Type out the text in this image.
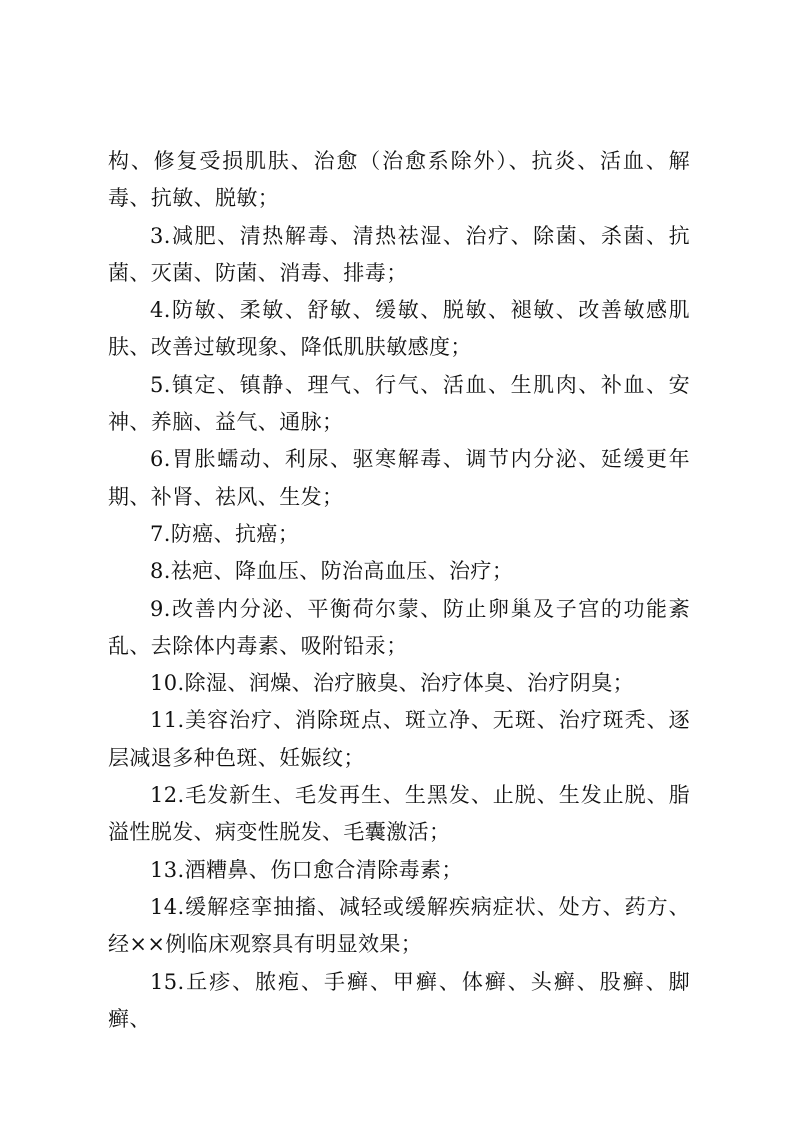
构、修复受损肌肤、治愈（治愈系除外）、抗炎、活血、解毒、抗敏、脱敏；

3.减肥、清热解毒、清热祛湿、治疗、除菌、杀菌、抗菌、灭菌、防菌、消毒、排毒；

4.防敏、柔敏、舒敏、缓敏、脱敏、褪敏、改善敏感肌肤、改善过敏现象、降低肌肤敏感度；

5.镇定、镇静、理气、行气、活血、生肌肉、补血、安神、养脑、益气、通脉；

6.胃胀蠕动、利尿、驱寒解毒、调节内分泌、延缓更年期、补肾、祛风、生发；

7.防癌、抗癌；

8.祛疤、降血压、防治高血压、治疗；

9.改善内分泌、平衡荷尔蒙、防止卵巢及子宫的功能紊乱、去除体内毒素、吸附铅汞；

10.除湿、润燥、治疗腋臭、治疗体臭、治疗阴臭；

11.美容治疗、消除斑点、斑立净、无斑、治疗斑秃、逐层减退多种色斑、妊娠纹；

12.毛发新生、毛发再生、生黑发、止脱、生发止脱、脂溢性脱发、病变性脱发、毛囊激活；

13.酒糟鼻、伤口愈合清除毒素；

14.缓解痉挛抽搐、减轻或缓解疾病症状、处方、药方、经××例临床观察具有明显效果；

15.丘疹、脓疱、手癣、甲癣、体癣、头癣、股癣、脚癣、
